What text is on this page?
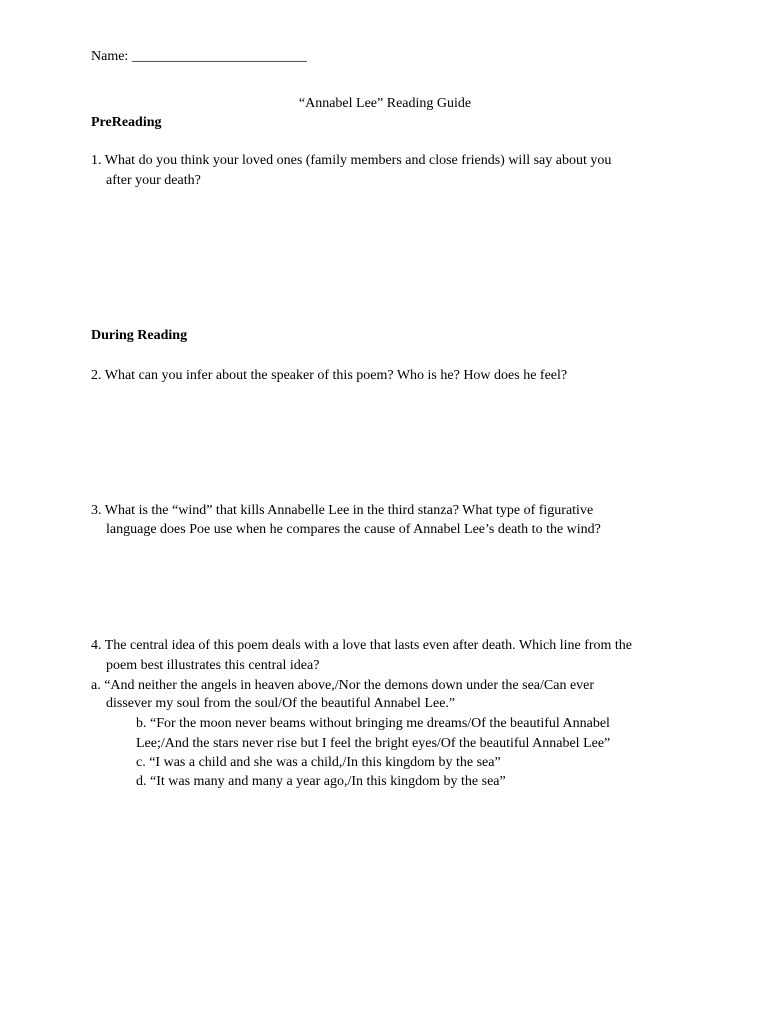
Name: _________________________
“Annabel Lee” Reading Guide
PreReading
1. What do you think your loved ones (family members and close friends) will say about you
after your death?
During Reading
2. What can you infer about the speaker of this poem? Who is he? How does he feel?
3. What is the “wind” that kills Annabelle Lee in the third stanza? What type of figurative
language does Poe use when he compares the cause of Annabel Lee’s death to the wind?
4. The central idea of this poem deals with a love that lasts even after death. Which line from the
poem best illustrates this central idea?
a. “And neither the angels in heaven above,/Nor the demons down under the sea/Can ever
dissever my soul from the soul/Of the beautiful Annabel Lee.”
b. “For the moon never beams without bringing me dreams/Of the beautiful Annabel
Lee;/And the stars never rise but I feel the bright eyes/Of the beautiful Annabel Lee”
c. “I was a child and she was a child,/In this kingdom by the sea”
d. “It was many and many a year ago,/In this kingdom by the sea”
